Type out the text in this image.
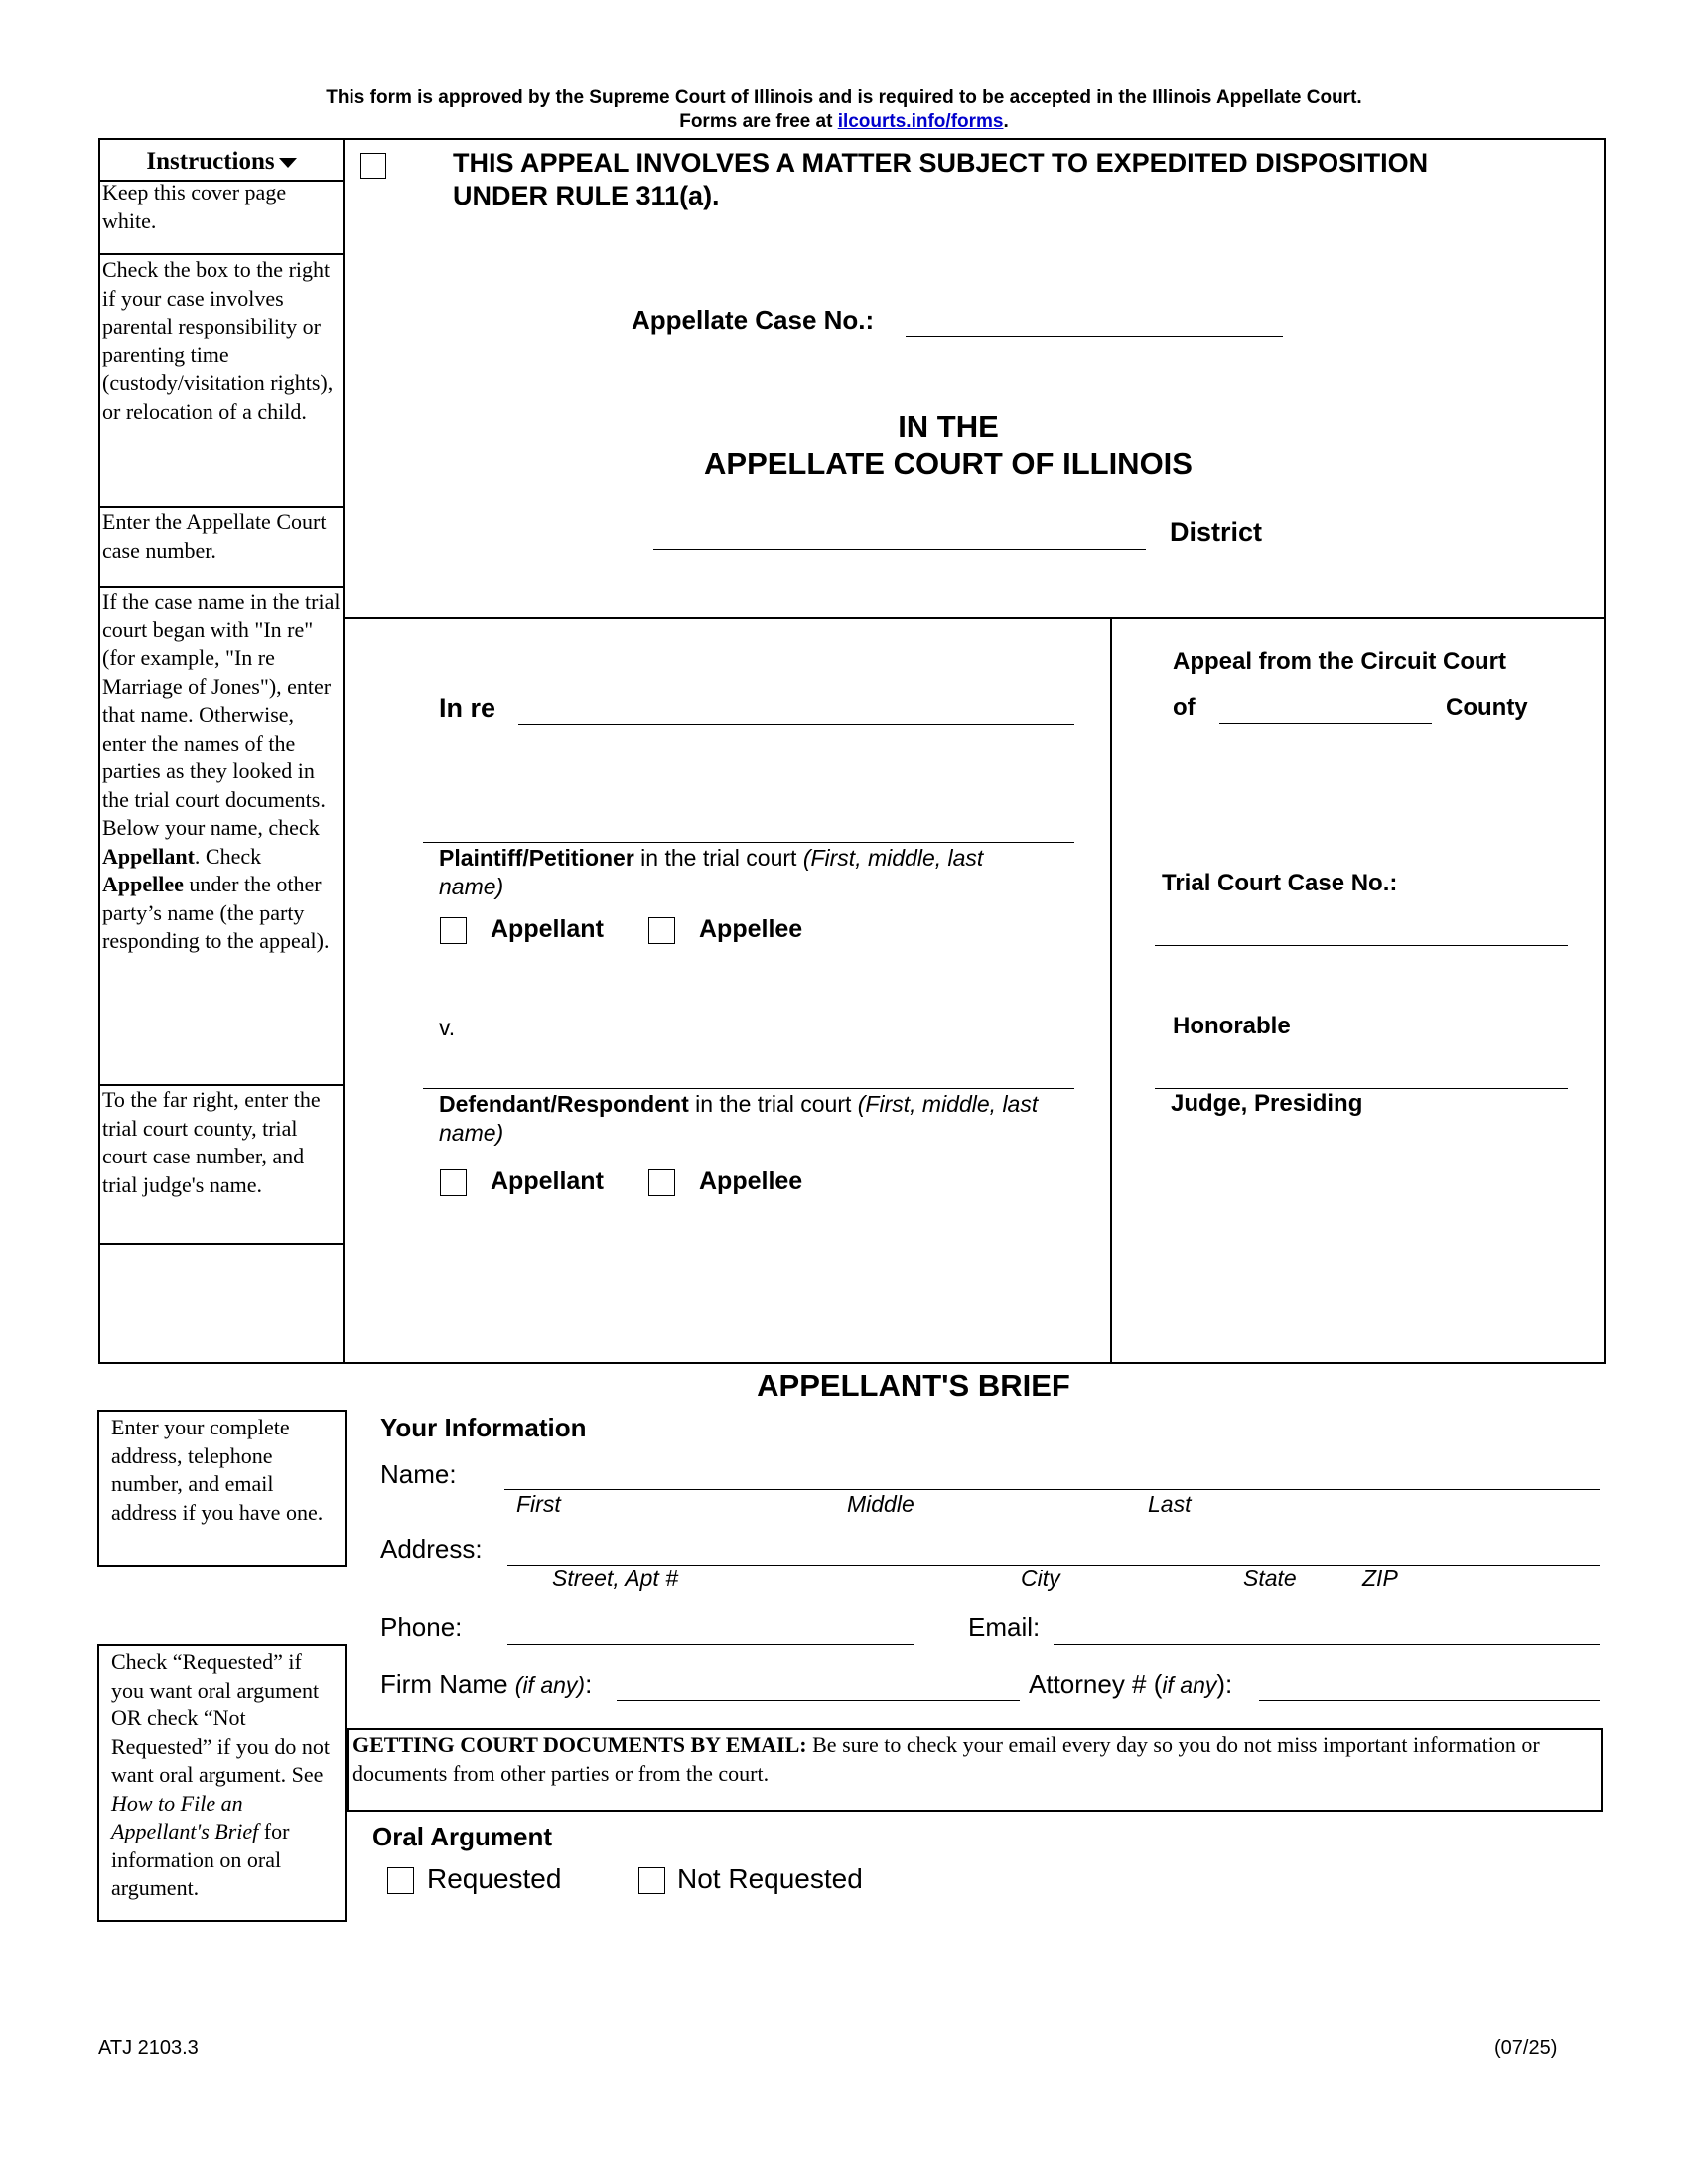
This form is approved by the Supreme Court of Illinois and is required to be accepted in the Illinois Appellate Court.
Forms are free at ilcourts.info/forms.
Instructions
Keep this cover page white.
Check the box to the right if your case involves parental responsibility or parenting time (custody/visitation rights), or relocation of a child.
Enter the Appellate Court case number.
If the case name in the trial court began with "In re" (for example, "In re Marriage of Jones"), enter that name. Otherwise, enter the names of the parties as they looked in the trial court documents. Below your name, check Appellant. Check Appellee under the other party’s name (the party responding to the appeal).
To the far right, enter the trial court county, trial court case number, and trial judge's name.
THIS APPEAL INVOLVES A MATTER SUBJECT TO EXPEDITED DISPOSITION
UNDER RULE 311(a).
Appellate Case No.:
IN THE
APPELLATE COURT OF ILLINOIS
District
In re
Plaintiff/Petitioner in the trial court (First, middle, last
name)
Appellant	Appellee
v.
Defendant/Respondent in the trial court (First, middle, last
name)
Appellant	Appellee
Appeal from the Circuit Court
of	County
Trial Court Case No.:
Honorable
Judge, Presiding
APPELLANT'S BRIEF
Enter your complete address, telephone number, and email address if you have one.
Your Information
Name:
First	Middle	Last
Address:
Street, Apt #	City	State	ZIP
Phone:	Email:
Firm Name (if any):	Attorney # (if any):
GETTING COURT DOCUMENTS BY EMAIL: Be sure to check your email every day so you do not miss important information or documents from other parties or from the court.
Check “Requested” if you want oral argument OR check “Not Requested” if you do not want oral argument. See How to File an Appellant's Brief for information on oral argument.
Oral Argument
Requested	Not Requested
ATJ 2103.3	(07/25)
